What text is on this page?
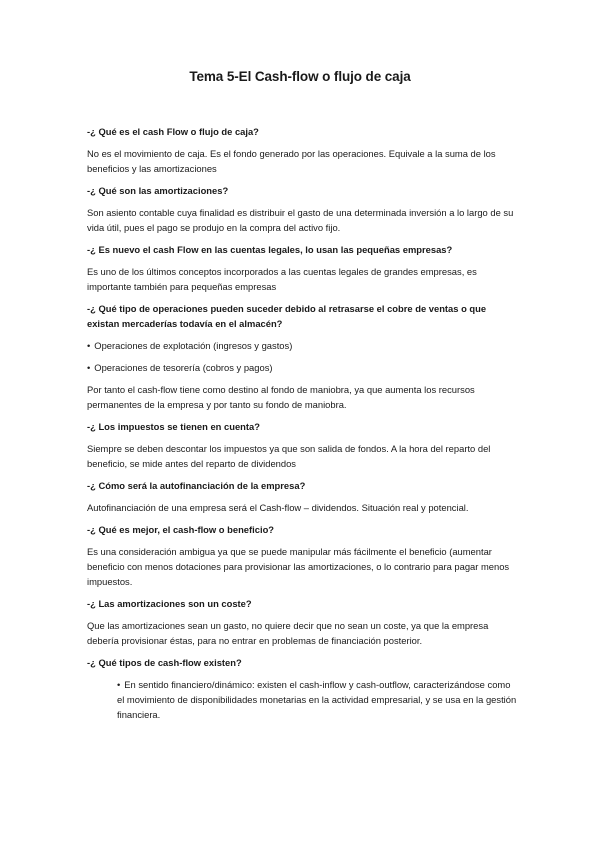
Tema 5-El Cash-flow o flujo de caja
-¿ Qué es el cash Flow o flujo de caja?
No es el movimiento de caja. Es el fondo generado por las operaciones. Equivale a la suma de los beneficios y las amortizaciones
-¿ Qué son las amortizaciones?
Son asiento contable cuya finalidad es distribuir el gasto de una determinada inversión a lo largo de su vida útil, pues el pago se produjo en la compra del activo fijo.
-¿ Es nuevo el cash Flow en las cuentas legales, lo usan las pequeñas empresas?
Es uno de los últimos conceptos incorporados a las cuentas legales de grandes empresas, es importante también para pequeñas empresas
-¿ Qué tipo de operaciones pueden suceder debido al retrasarse el cobre de ventas o que existan mercaderías todavía en el almacén?
• Operaciones de explotación (ingresos y gastos)
• Operaciones de tesorería (cobros y pagos)
Por tanto el cash-flow tiene como destino al fondo de maniobra, ya que aumenta los recursos permanentes de la empresa y por tanto su fondo de maniobra.
-¿ Los impuestos se tienen en cuenta?
Siempre se deben descontar los impuestos ya que son salida de fondos. A la hora del reparto del beneficio, se mide antes del reparto de dividendos
-¿ Cómo será la autofinanciación de la empresa?
Autofinanciación de una empresa será el Cash-flow – dividendos. Situación real y potencial.
-¿ Qué es mejor, el cash-flow o beneficio?
Es una consideración ambigua ya que se puede manipular más fácilmente el beneficio (aumentar beneficio con menos dotaciones para provisionar las amortizaciones, o lo contrario para pagar menos impuestos.
-¿ Las amortizaciones son un coste?
Que las amortizaciones sean un gasto, no quiere decir que no sean un coste, ya que la empresa debería provisionar éstas, para no entrar en problemas de financiación posterior.
-¿ Qué tipos de cash-flow existen?
• En sentido financiero/dinámico: existen el cash-inflow y cash-outflow, caracterizándose como el movimiento de disponibilidades monetarias en la actividad empresarial, y se usa en la gestión financiera.
